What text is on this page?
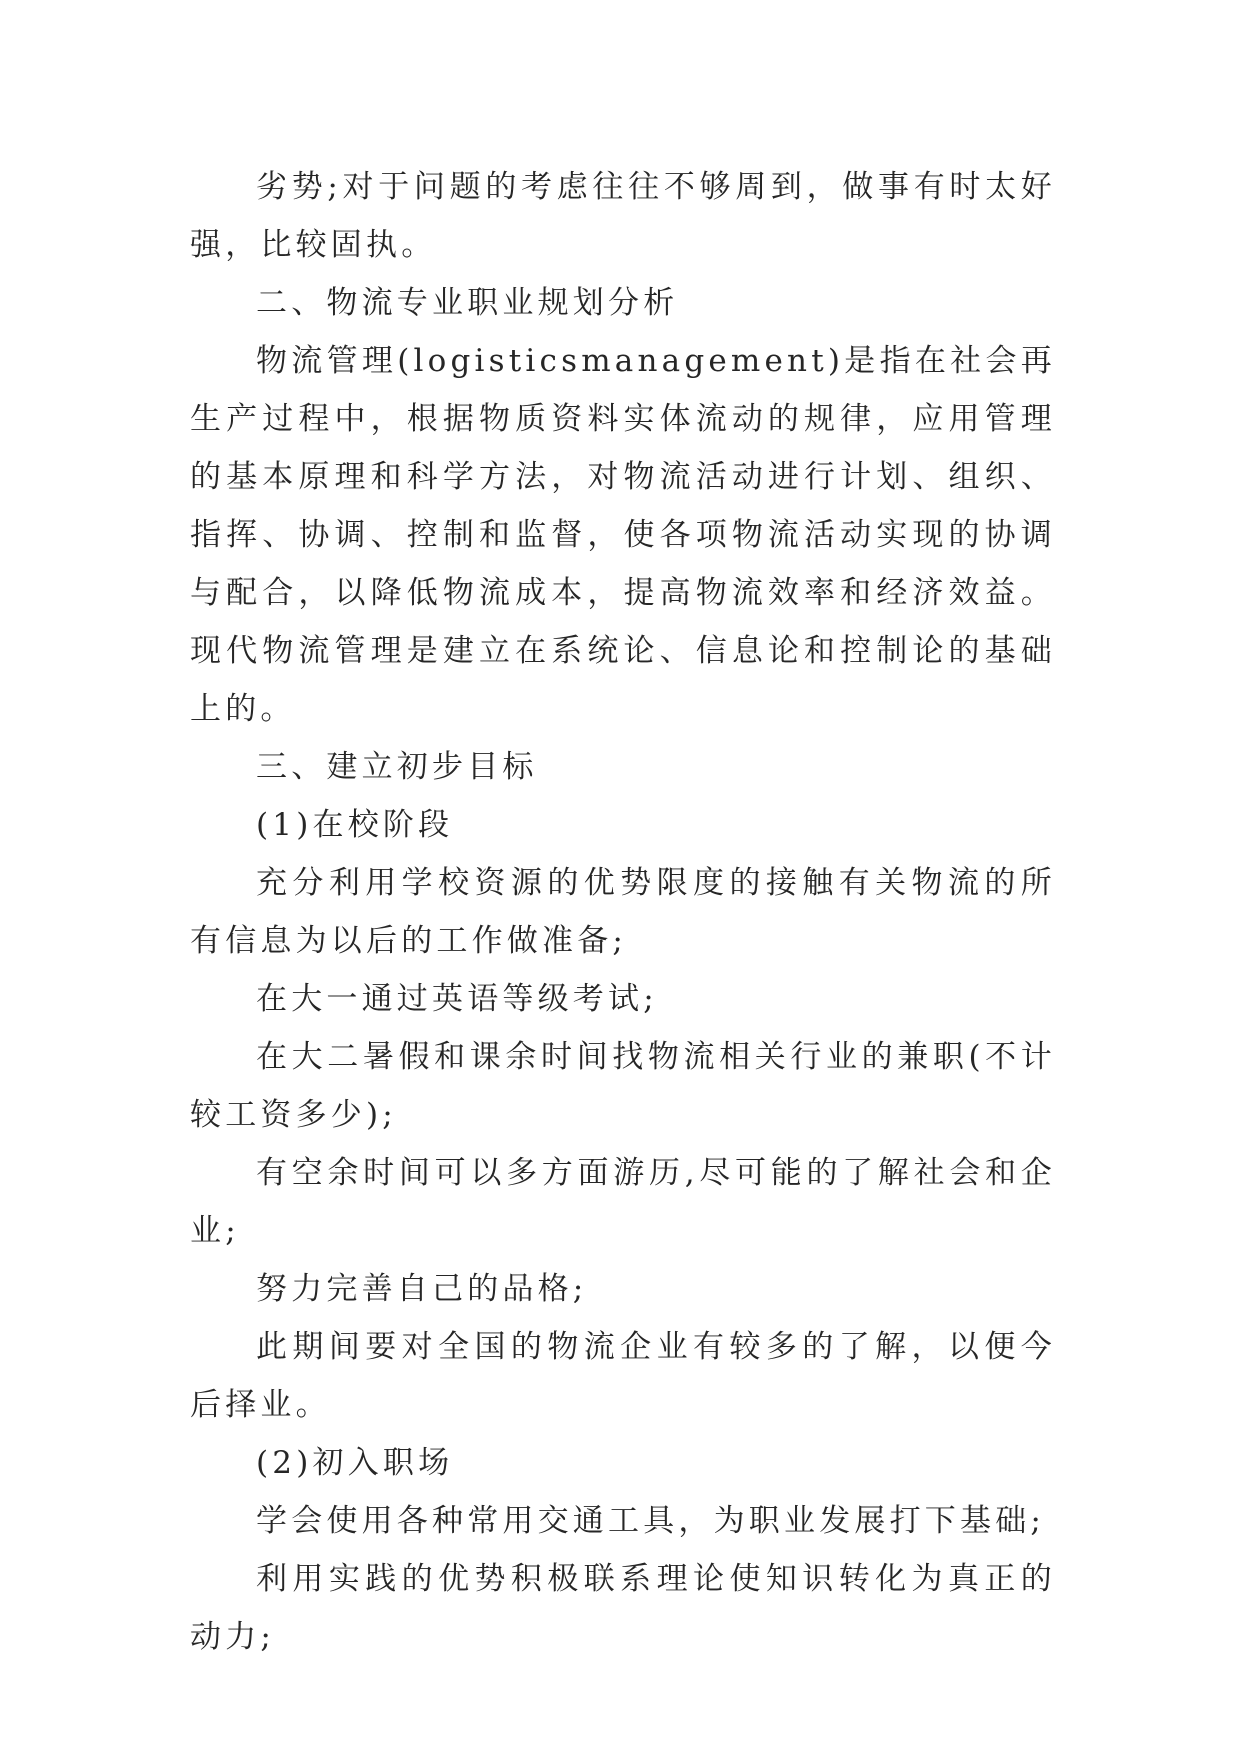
劣势;对于问题的考虑往往不够周到，做事有时太好强，比较固执。

二、物流专业职业规划分析

物流管理(logisticsmanagement)是指在社会再生产过程中，根据物质资料实体流动的规律，应用管理的基本原理和科学方法，对物流活动进行计划、组织、指挥、协调、控制和监督，使各项物流活动实现的协调与配合，以降低物流成本，提高物流效率和经济效益。现代物流管理是建立在系统论、信息论和控制论的基础上的。

三、建立初步目标

(1)在校阶段

充分利用学校资源的优势限度的接触有关物流的所有信息为以后的工作做准备;

在大一通过英语等级考试;

在大二暑假和课余时间找物流相关行业的兼职(不计较工资多少);

有空余时间可以多方面游历,尽可能的了解社会和企业;

努力完善自己的品格;

此期间要对全国的物流企业有较多的了解，以便今后择业。

(2)初入职场

学会使用各种常用交通工具，为职业发展打下基础;

利用实践的优势积极联系理论使知识转化为真正的动力;
